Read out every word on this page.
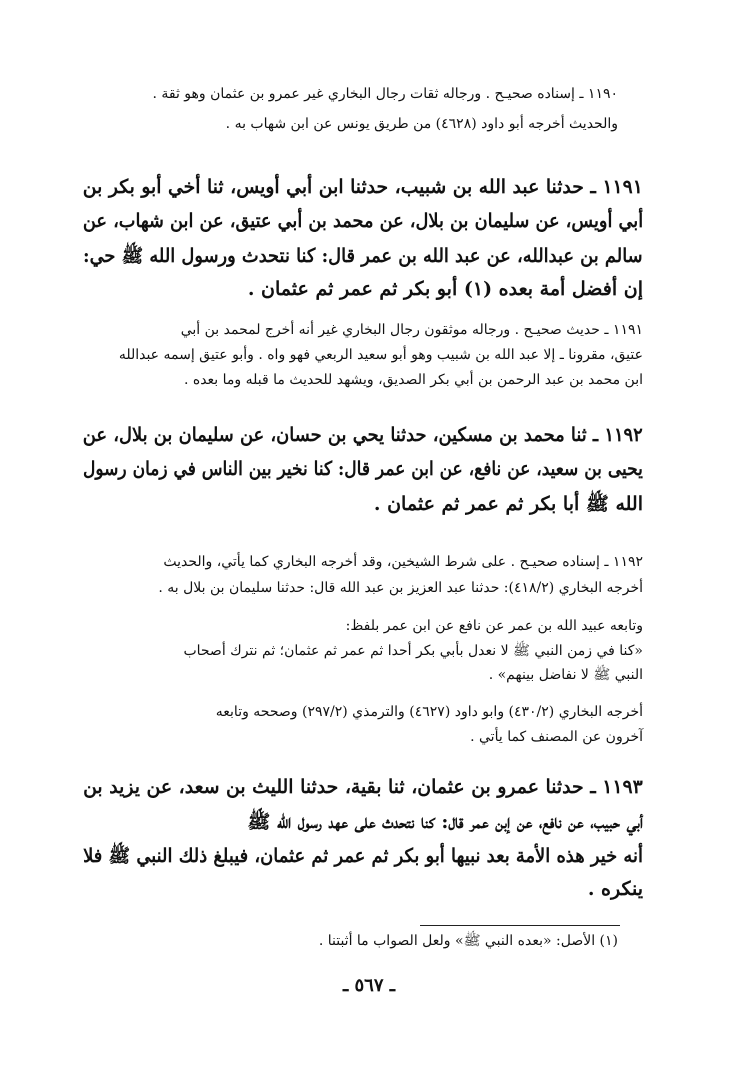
١١٩٠ ـ إسناده صحيـح . ورجاله ثقات رجال البخاري غير عمرو بن عثمان وهو ثقة .
والحديث أخرجه أبو داود (٤٦٢٨) من طريق يونس عن ابن شهاب به .
١١٩١ ـ حدثنا عبد الله بن شبيب، حدثنا ابن أبي أويس، ثنا أخي أبو بكر بن
أبي أويس، عن سليمان بن بلال، عن محمد بن أبي عتيق، عن ابن شهاب، عن
سالم بن عبدالله، عن عبد الله بن عمر قال: كنا نتحدث ورسول الله ﷺ حي:
إن أفضل أمة بعده (١) أبو بكر ثم عمر ثم عثمان .
١١٩١ ـ حديث صحيـح . ورجاله موثقون رجال البخاري غير أنه أخرج لمحمد بن أبي
عتيق، مقرونا ـ إلا عبد الله بن شبيب وهو أبو سعيد الربعي فهو واه . وأبو عتيق إسمه عبدالله
ابن محمد بن عبد الرحمن بن أبي بكر الصديق، ويشهد للحديث ما قبله وما بعده .
١١٩٢ ـ ثنا محمد بن مسكين، حدثنا يحي بن حسان، عن سليمان بن بلال، عن
يحيى بن سعيد، عن نافع، عن ابن عمر قال: كنا نخير بين الناس في زمان رسول
الله ﷺ أبا بكر ثم عمر ثم عثمان .
١١٩٢ ـ إسناده صحيـح . على شرط الشيخين، وقد أخرجه البخاري كما يأتي، والحديث
أخرجه البخاري (٤١٨/٢): حدثنا عبد العزيز بن عبد الله قال: حدثنا سليمان بن بلال به .
وتابعه عبيد الله بن عمر عن نافع عن ابن عمر بلفظ:
«كنا في زمن النبي ﷺ لا نعدل بأبي بكر أحدا ثم عمر ثم عثمان؛ ثم نترك أصحاب
النبي ﷺ لا نفاضل بينهم» .
أخرجه البخاري (٤٣٠/٢) وابو داود (٤٦٢٧) والترمذي (٢٩٧/٢) وصححه وتابعه
آخرون عن المصنف كما يأتي .
١١٩٣ ـ حدثنا عمرو بن عثمان، ثنا بقية، حدثنا الليث بن سعد، عن يزيد بن
أبي حبيب، عن نافع، عن إبن عمر قال: كنا نتحدث على عهد رسول الله ﷺ
أنه خير هذه الأمة بعد نبيها أبو بكر ثم عمر ثم عثمان، فيبلغ ذلك النبي ﷺ فلا
ينكره .
(١) الأصل: «بعده النبي ﷺ» ولعل الصواب ما أثبتنا .
ـ ٥٦٧ ـ
